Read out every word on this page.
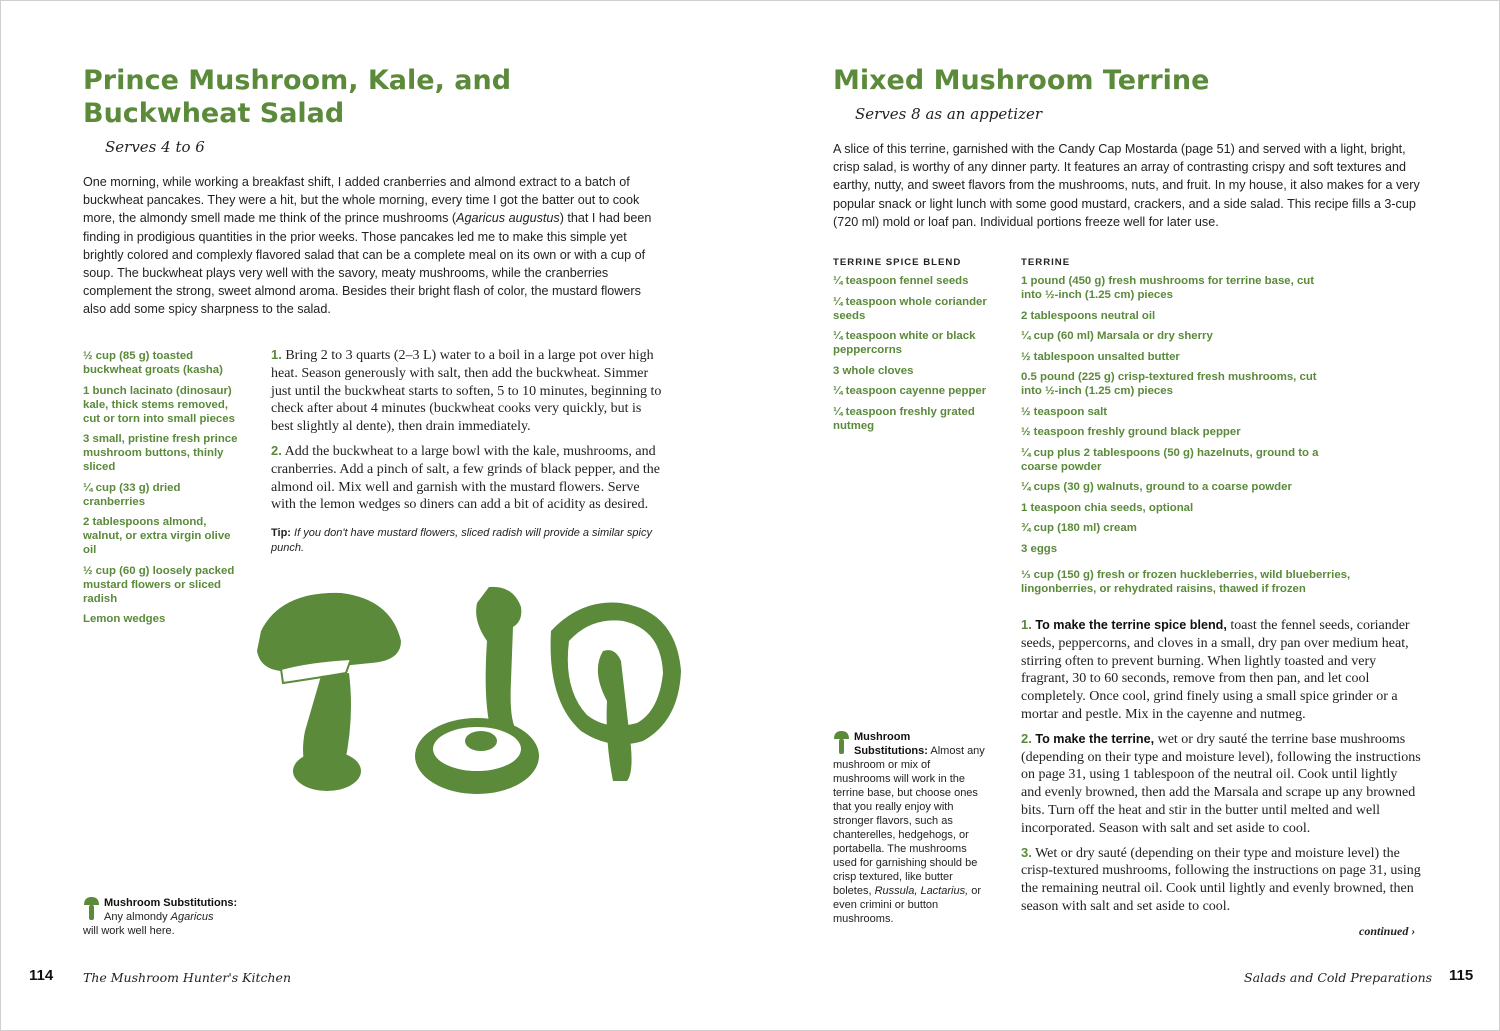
Prince Mushroom, Kale, and
Buckwheat Salad
Serves 4 to 6

One morning, while working a breakfast shift, I added cranberries and almond extract to a batch of buckwheat pancakes. They were a hit, but the whole morning, every time I got the batter out to cook more, the almondy smell made me think of the prince mushrooms (Agaricus augustus) that I had been finding in prodigious quantities in the prior weeks. Those pancakes led me to make this simple yet brightly colored and complexly flavored salad that can be a complete meal on its own or with a cup of soup. The buckwheat plays very well with the savory, meaty mushrooms, while the cranberries complement the strong, sweet almond aroma. Besides their bright flash of color, the mustard flowers also add some spicy sharpness to the salad.

½ cup (85 g) toasted buckwheat groats (kasha)
1 bunch lacinato (dinosaur) kale, thick stems removed, cut or torn into small pieces
3 small, pristine fresh prince mushroom buttons, thinly sliced
¼ cup (33 g) dried cranberries
2 tablespoons almond, walnut, or extra virgin olive oil
½ cup (60 g) loosely packed mustard flowers or sliced radish
Lemon wedges

1. Bring 2 to 3 quarts (2–3 L) water to a boil in a large pot over high heat. Season generously with salt, then add the buckwheat. Simmer just until the buckwheat starts to soften, 5 to 10 minutes, beginning to check after about 4 minutes (buckwheat cooks very quickly, but is best slightly al dente), then drain immediately.

2. Add the buckwheat to a large bowl with the kale, mushrooms, and cranberries. Add a pinch of salt, a few grinds of black pepper, and the almond oil. Mix well and garnish with the mustard flowers. Serve with the lemon wedges so diners can add a bit of acidity as desired.

Tip: If you don't have mustard flowers, sliced radish will provide a similar spicy punch.

Mushroom Substitutions:
Any almondy Agaricus
will work well here.
114 The Mushroom Hunter's Kitchen
Mixed Mushroom Terrine
Serves 8 as an appetizer

A slice of this terrine, garnished with the Candy Cap Mostarda (page 51) and served with a light, bright, crisp salad, is worthy of any dinner party. It features an array of contrasting crispy and soft textures and earthy, nutty, and sweet flavors from the mushrooms, nuts, and fruit. In my house, it also makes for a very popular snack or light lunch with some good mustard, crackers, and a side salad. This recipe fills a 3-cup (720 ml) mold or loaf pan. Individual portions freeze well for later use.

TERRINE SPICE BLEND
¼ teaspoon fennel seeds
¼ teaspoon whole coriander seeds
¼ teaspoon white or black peppercorns
3 whole cloves
¼ teaspoon cayenne pepper
¼ teaspoon freshly grated nutmeg
TERRINE
1 pound (450 g) fresh mushrooms for terrine base, cut into ½-inch (1.25 cm) pieces
2 tablespoons neutral oil
¼ cup (60 ml) Marsala or dry sherry
½ tablespoon unsalted butter
0.5 pound (225 g) crisp-textured fresh mushrooms, cut into ½-inch (1.25 cm) pieces
½ teaspoon salt
½ teaspoon freshly ground black pepper
¼ cup plus 2 tablespoons (50 g) hazelnuts, ground to a coarse powder
¼ cups (30 g) walnuts, ground to a coarse powder
1 teaspoon chia seeds, optional
¾ cup (180 ml) cream
3 eggs
⅓ cup (150 g) fresh or frozen huckleberries, wild blueberries, lingonberries, or rehydrated raisins, thawed if frozen

1. To make the terrine spice blend, toast the fennel seeds, coriander seeds, peppercorns, and cloves in a small, dry pan over medium heat, stirring often to prevent burning. When lightly toasted and very fragrant, 30 to 60 seconds, remove from then pan, and let cool completely. Once cool, grind finely using a small spice grinder or a mortar and pestle. Mix in the cayenne and nutmeg.

2. To make the terrine, wet or dry sauté the terrine base mushrooms (depending on their type and moisture level), following the instructions on page 31, using 1 tablespoon of the neutral oil. Cook until lightly and evenly browned, then add the Marsala and scrape up any browned bits. Turn off the heat and stir in the butter until melted and well incorporated. Season with salt and set aside to cool.

3. Wet or dry sauté (depending on their type and moisture level) the crisp-textured mushrooms, following the instructions on page 31, using the remaining neutral oil. Cook until lightly and evenly browned, then season with salt and set aside to cool.

Mushroom Substitutions: Almost any mushroom or mix of mushrooms will work in the terrine base, but choose ones that you really enjoy with stronger flavors, such as chanterelles, hedgehogs, or portabella. The mushrooms used for garnishing should be crisp textured, like butter boletes, Russula, Lactarius, or even crimini or button mushrooms.
continued ›
Salads and Cold Preparations 115
